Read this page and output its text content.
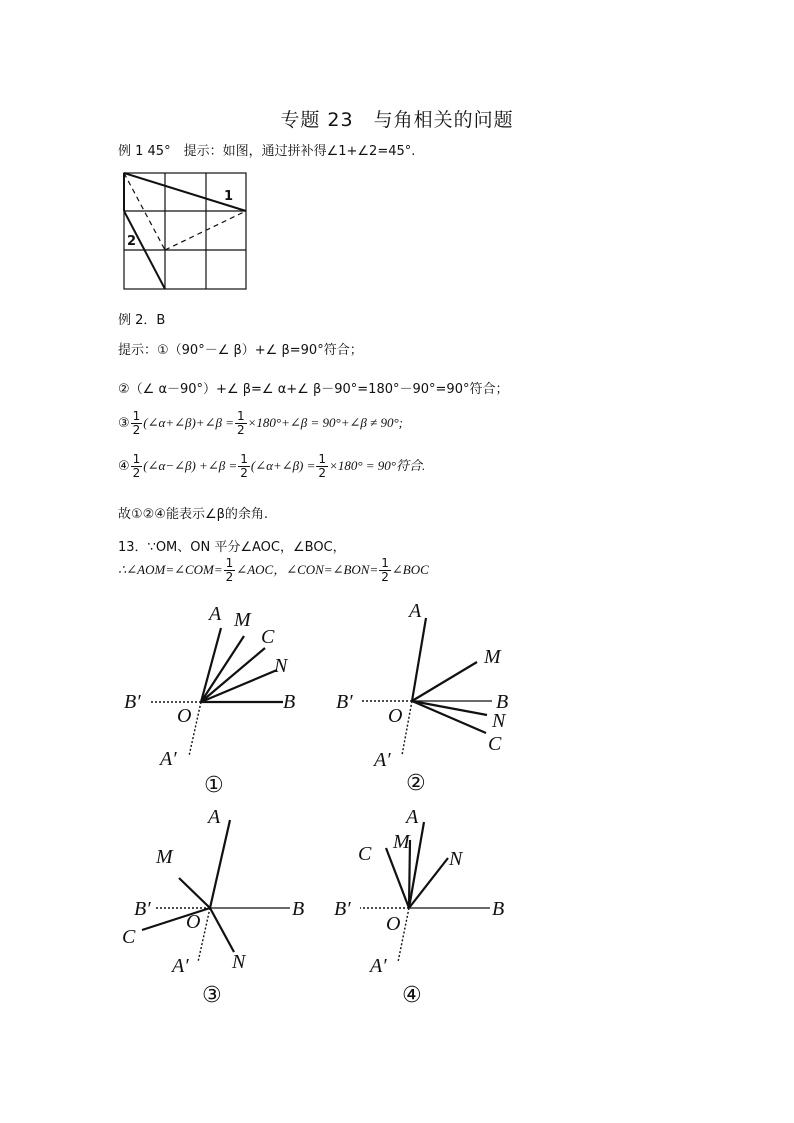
专题 23　与角相关的问题
例 1 45°　提示：如图，通过拼补得∠1+∠2=45°.
1
2
例 2．B
提示：①（90°－∠ β）+∠ β=90°符合；
②（∠ α－90°）+∠ β=∠ α+∠ β－90°=180°－90°=90°符合；
③ $\frac{1}{2}$ (∠α+∠β)+∠β = $\frac{1}{2}$ ×180°+∠β = 90°+∠β ≠ 90°;
④ $\frac{1}{2}$ (∠α−∠β) +∠β = $\frac{1}{2}$ (∠α+∠β) = $\frac{1}{2} \times 180^\circ = 90^\circ$符合.
故①②④能表示∠β的余角.
13．∵OM、ON 平分∠AOC，∠BOC，
∴∠AOM=∠COM= $\frac{1}{2}$ ∠AOC，∠CON=∠BON= $\frac{1}{2}$ ∠BOC
A M
C
N
B
B′
O
A′
①
A
M
B
N
C
B′
O
A′
②
A
M
B′
C
O
B
A′ N
③
A
M
C	N
B′
O
B
A′
④
